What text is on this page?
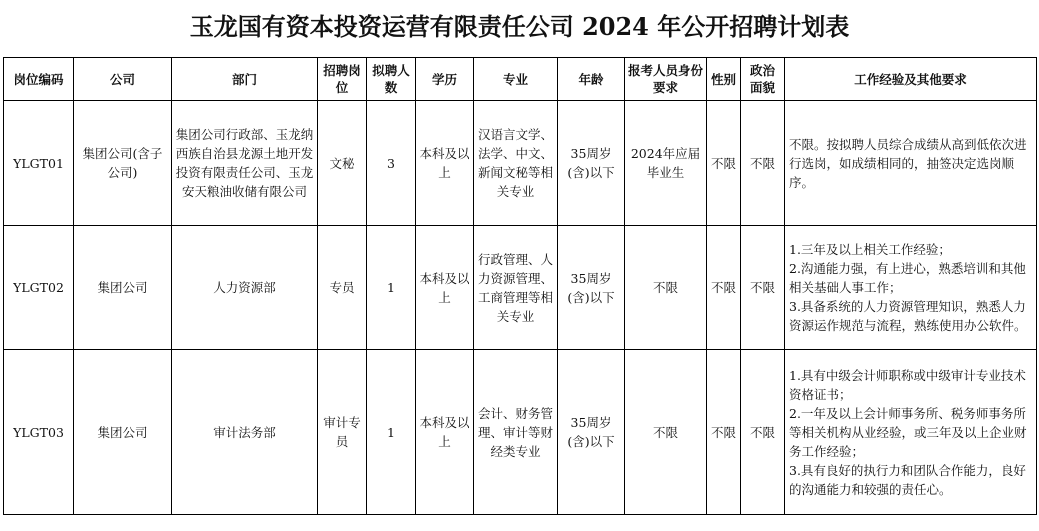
玉龙国有资本投资运营有限责任公司 2024 年公开招聘计划表
岗位编码	公司	部门	招聘岗位	拟聘人数	学历	专业	年龄	报考人员身份要求	性别	政治面貌	工作经验及其他要求
YLGT01	集团公司(含子公司)	集团公司行政部、玉龙纳西族自治县龙源土地开发投资有限责任公司、玉龙安天粮油收储有限公司	文秘	3	本科及以上	汉语言文学、法学、中文、新闻文秘等相关专业	35周岁(含)以下	2024年应届毕业生	不限	不限	不限。按拟聘人员综合成绩从高到低依次进行选岗，如成绩相同的，抽签决定选岗顺序。

YLGT02	集团公司	人力资源部	专员	1	本科及以上	行政管理、人力资源管理、工商管理等相关专业	35周岁(含)以下	不限	不限	不限	1.三年及以上相关工作经验；
2.沟通能力强，有上进心，熟悉培训和其他相关基础人事工作；
3.具备系统的人力资源管理知识，熟悉人力资源运作规范与流程，熟练使用办公软件。

YLGT03	集团公司	审计法务部	审计专员	1	本科及以上	会计、财务管理、审计等财经类专业	35周岁(含)以下	不限	不限	不限	1.具有中级会计师职称或中级审计专业技术资格证书；
2.一年及以上会计师事务所、税务师事务所等相关机构从业经验，或三年及以上企业财务工作经验；
3.具有良好的执行力和团队合作能力，良好的沟通能力和较强的责任心。
